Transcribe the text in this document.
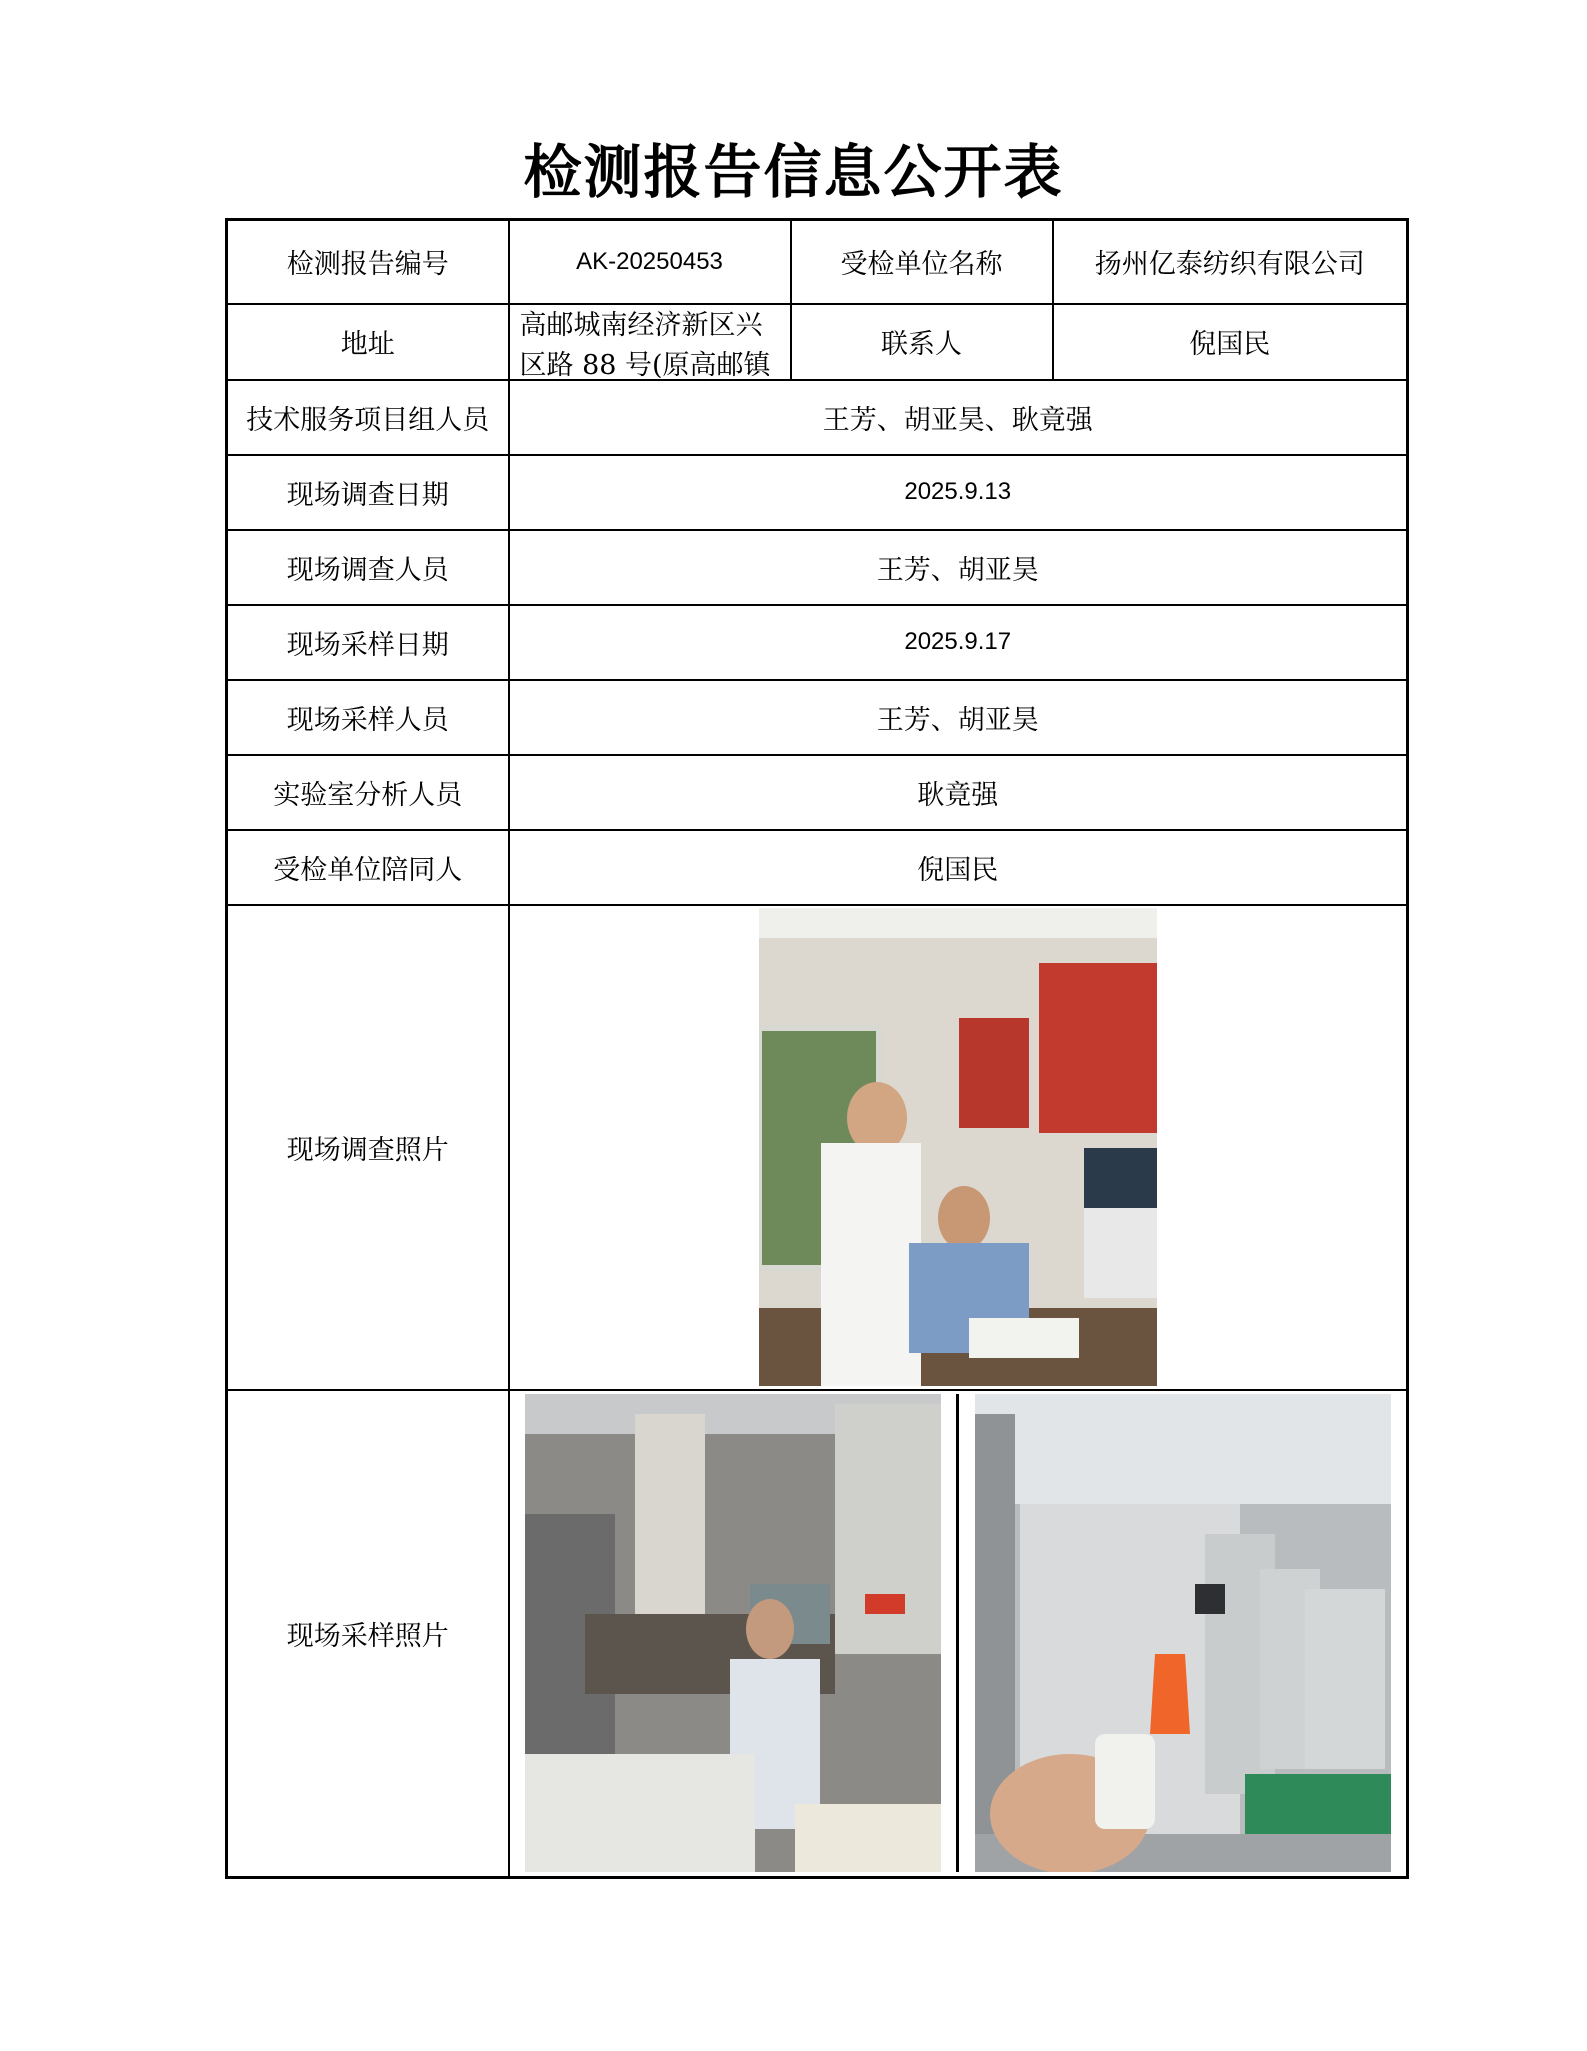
检测报告信息公开表
检测报告编号	AK-20250453	受检单位名称	扬州亿泰纺织有限公司
地址	高邮城南经济新区兴区路 88 号(原高邮镇	联系人	倪国民
技术服务项目组人员	王芳、胡亚昊、耿竟强		
现场调查日期	2025.9.13		
现场调查人员	王芳、胡亚昊		
现场采样日期	2025.9.17		
现场采样人员	王芳、胡亚昊		
实验室分析人员	耿竟强		
受检单位陪同人	倪国民		
现场调查照片	

现场采样照片	
